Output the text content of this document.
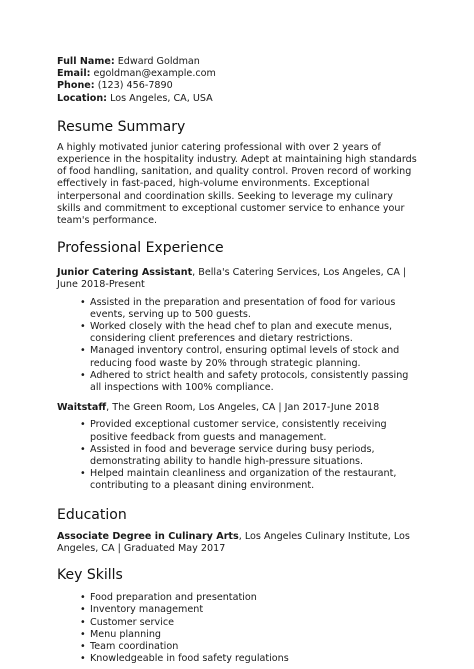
Full Name: Edward Goldman
Email: egoldman@example.com
Phone: (123) 456-7890
Location: Los Angeles, CA, USA
Resume Summary

A highly motivated junior catering professional with over 2 years of experience in the hospitality industry. Adept at maintaining high standards of food handling, sanitation, and quality control. Proven record of working effectively in fast-paced, high-volume environments. Exceptional interpersonal and coordination skills. Seeking to leverage my culinary skills and commitment to exceptional customer service to enhance your team's performance.

Professional Experience

Junior Catering Assistant, Bella's Catering Services, Los Angeles, CA | June 2018-Present

• Assisted in the preparation and presentation of food for various events, serving up to 500 guests.
• Worked closely with the head chef to plan and execute menus, considering client preferences and dietary restrictions.
• Managed inventory control, ensuring optimal levels of stock and reducing food waste by 20% through strategic planning.
• Adhered to strict health and safety protocols, consistently passing all inspections with 100% compliance.

Waitstaff, The Green Room, Los Angeles, CA | Jan 2017-June 2018

• Provided exceptional customer service, consistently receiving positive feedback from guests and management.
• Assisted in food and beverage service during busy periods, demonstrating ability to handle high-pressure situations.
• Helped maintain cleanliness and organization of the restaurant, contributing to a pleasant dining environment.
Education

Associate Degree in Culinary Arts, Los Angeles Culinary Institute, Los Angeles, CA | Graduated May 2017

Key Skills
• Food preparation and presentation
• Inventory management
• Customer service
• Menu planning
• Team coordination
• Knowledgeable in food safety regulations
